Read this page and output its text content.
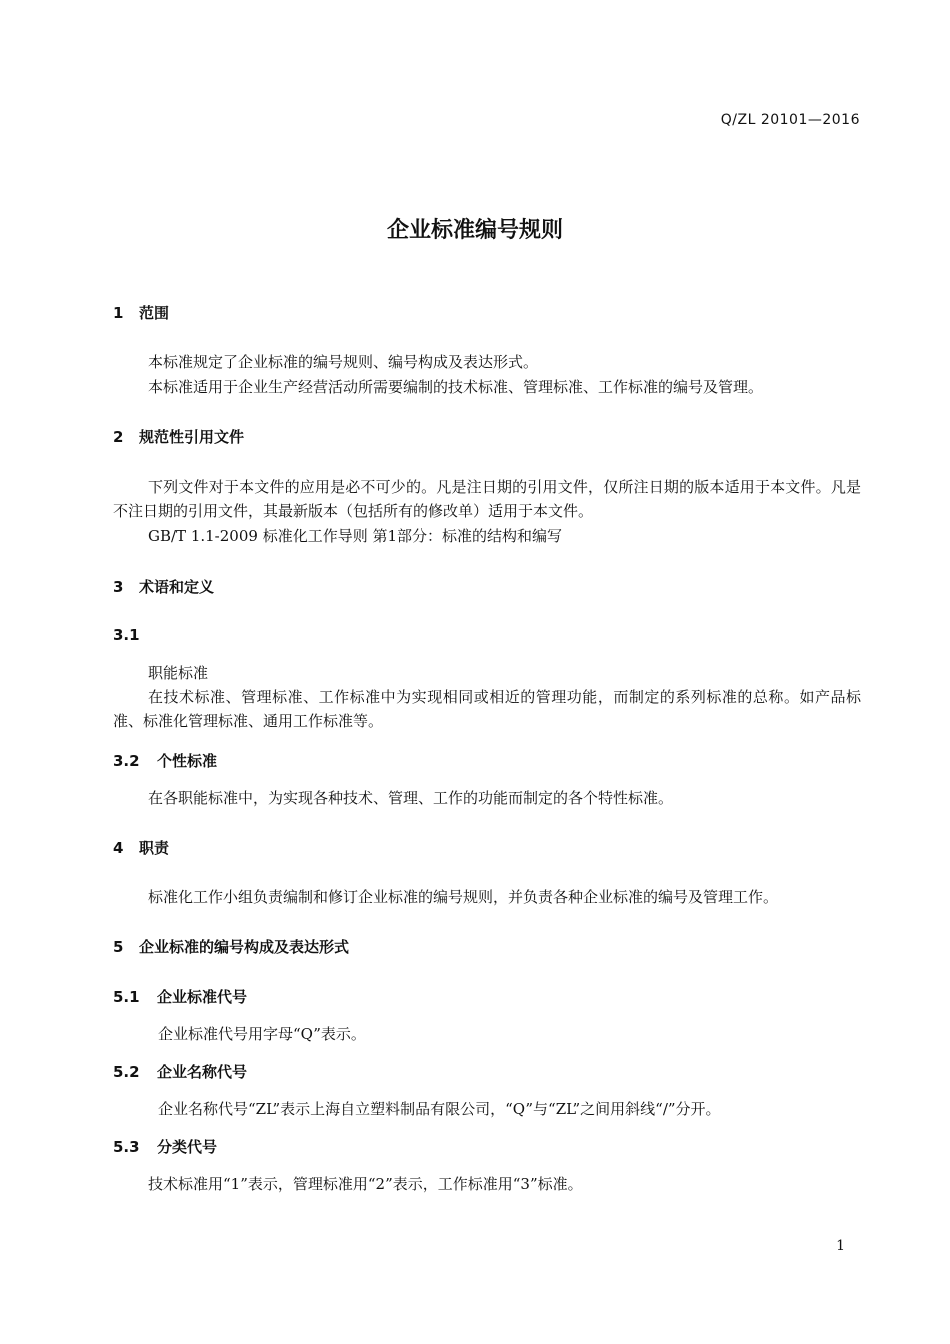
Q/ZL 20101—2016
企业标准编号规则
1 范围

本标准规定了企业标准的编号规则、编号构成及表达形式。

本标准适用于企业生产经营活动所需要编制的技术标准、管理标准、工作标准的编号及管理。

2 规范性引用文件

下列文件对于本文件的应用是必不可少的。凡是注日期的引用文件，仅所注日期的版本适用于本文件。凡是不注日期的引用文件，其最新版本（包括所有的修改单）适用于本文件。

GB/T 1.1-2009 标准化工作导则 第1部分：标准的结构和编写

3 术语和定义
3.1

职能标准

在技术标准、管理标准、工作标准中为实现相同或相近的管理功能，而制定的系列标准的总称。如产品标准、标准化管理标准、通用工作标准等。

3.2 个性标准

在各职能标准中，为实现各种技术、管理、工作的功能而制定的各个特性标准。

4 职责

标准化工作小组负责编制和修订企业标准的编号规则，并负责各种企业标准的编号及管理工作。

5 企业标准的编号构成及表达形式
5.1 企业标准代号

企业标准代号用字母“Q”表示。

5.2 企业名称代号

企业名称代号“ZL”表示上海自立塑料制品有限公司，“Q”与“ZL”之间用斜线“/”分开。

5.3 分类代号

技术标准用“1”表示，管理标准用“2”表示，工作标准用“3”标准。

1
